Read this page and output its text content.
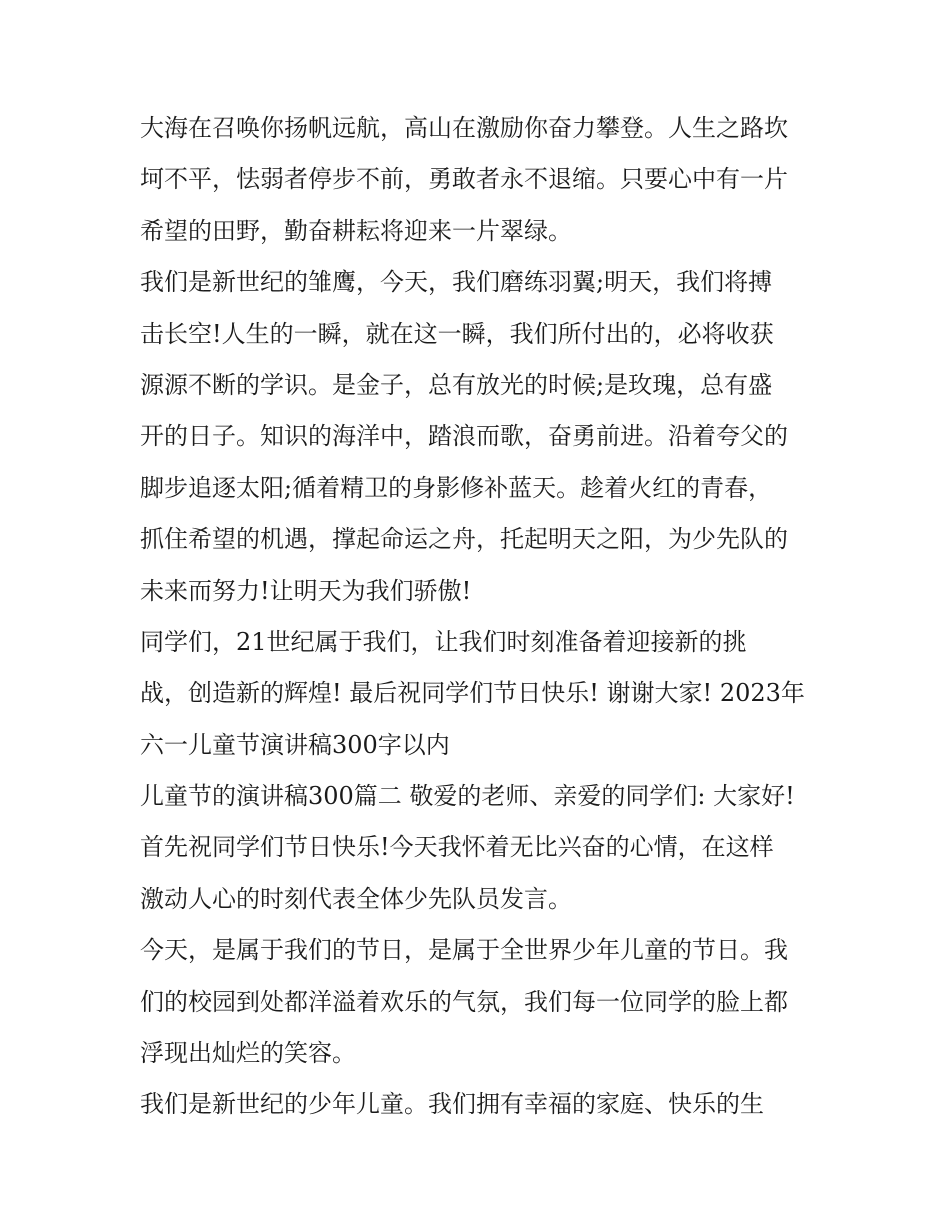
大海在召唤你扬帆远航，高山在激励你奋力攀登。人生之路坎
坷不平，怯弱者停步不前，勇敢者永不退缩。只要心中有一片
希望的田野，勤奋耕耘将迎来一片翠绿。
我们是新世纪的雏鹰，今天，我们磨练羽翼;明天，我们将搏
击长空!人生的一瞬，就在这一瞬，我们所付出的，必将收获
源源不断的学识。是金子，总有放光的时候;是玫瑰，总有盛
开的日子。知识的海洋中，踏浪而歌，奋勇前进。沿着夸父的
脚步追逐太阳;循着精卫的身影修补蓝天。趁着火红的青春，
抓住希望的机遇，撑起命运之舟，托起明天之阳，为少先队的
未来而努力!让明天为我们骄傲!
同学们，21世纪属于我们，让我们时刻准备着迎接新的挑
战，创造新的辉煌! 最后祝同学们节日快乐! 谢谢大家! 2023年
六一儿童节演讲稿300字以内
儿童节的演讲稿300篇二 敬爱的老师、亲爱的同学们: 大家好!
首先祝同学们节日快乐!今天我怀着无比兴奋的心情，在这样
激动人心的时刻代表全体少先队员发言。
今天，是属于我们的节日，是属于全世界少年儿童的节日。我
们的校园到处都洋溢着欢乐的气氛，我们每一位同学的脸上都
浮现出灿烂的笑容。
我们是新世纪的少年儿童。我们拥有幸福的家庭、快乐的生
